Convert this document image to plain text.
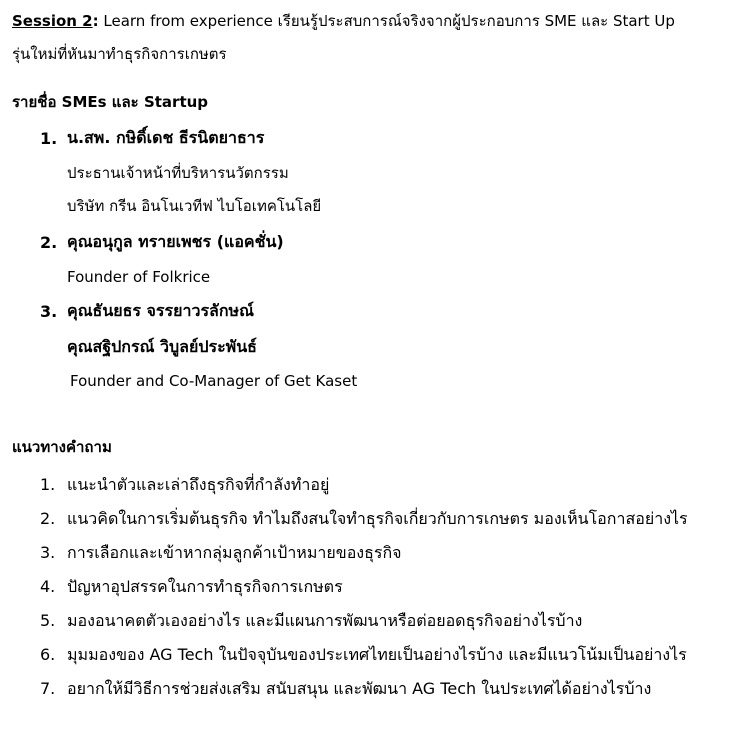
Session 2: Learn from experience เรียนรู้ประสบการณ์จริงจากผู้ประกอบการ SME และ Start Up
รุ่นใหม่ที่หันมาทำธุรกิจการเกษตร
รายชื่อ SMEs และ Startup
1. น.สพ. กษิดิ์เดช ธีรนิตยาธาร
ประธานเจ้าหน้าที่บริหารนวัตกรรม
บริษัท กรีน อินโนเวทีฟ ไบโอเทคโนโลยี
2. คุณอนุกูล ทรายเพชร (แอคชั่น)
Founder of Folkrice
3. คุณธันยธร จรรยาวรลักษณ์
คุณสฐิปกรณ์ วิบูลย์ประพันธ์
Founder and Co-Manager of Get Kaset
แนวทางคำถาม
1. แนะนำตัวและเล่าถึงธุรกิจที่กำลังทำอยู่
2. แนวคิดในการเริ่มต้นธุรกิจ ทำไมถึงสนใจทำธุรกิจเกี่ยวกับการเกษตร มองเห็นโอกาสอย่างไร
3. การเลือกและเข้าหากลุ่มลูกค้าเป้าหมายของธุรกิจ
4. ปัญหาอุปสรรคในการทำธุรกิจการเกษตร
5. มองอนาคตตัวเองอย่างไร และมีแผนการพัฒนาหรือต่อยอดธุรกิจอย่างไรบ้าง
6. มุมมองของ AG Tech ในปัจจุบันของประเทศไทยเป็นอย่างไรบ้าง และมีแนวโน้มเป็นอย่างไร
7. อยากให้มีวิธีการช่วยส่งเสริม สนับสนุน และพัฒนา AG Tech ในประเทศได้อย่างไรบ้าง
